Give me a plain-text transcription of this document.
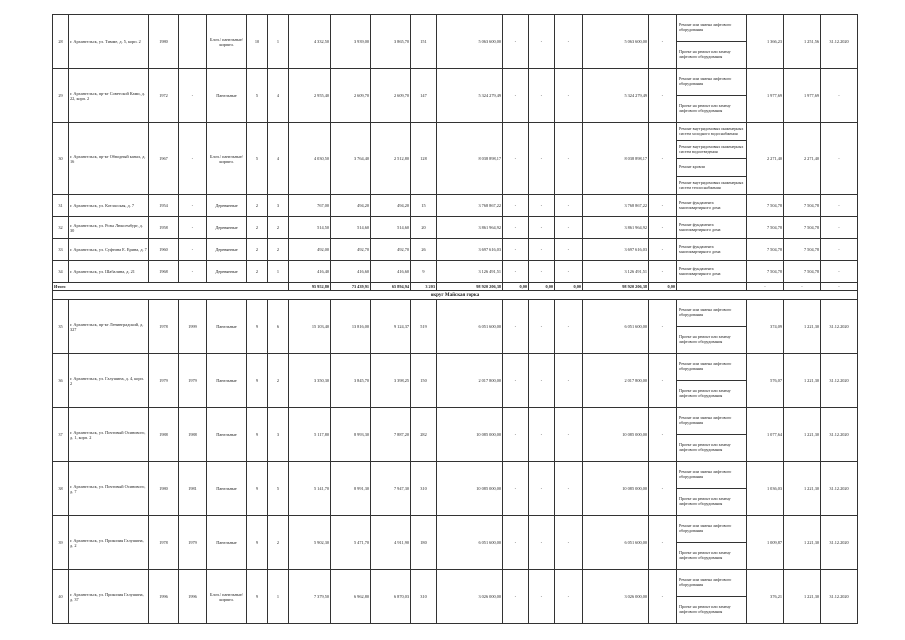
28	г. Архангельск, ул. Тимме, д. 5, корп. 2	1980		Блоч./ панельные/кирпич.	10	1	4 332,50	3 939,00	3 865,70	151	5 063 600,00	-	-	-	5 063 600,00	-	Ремонт или замена лифтового оборудования	1 366,23	1 251,56	31.12.2020
																	Проект на ремонт или замену лифтового оборудования			
29	г. Архангельск, пр-кт Советской Ками, д. 22, корп. 2	1972	-	Панельные	5	4	2 955,40	2 609,70	2 609,70	147	5 324 279,49	-	-	-	5 324 279,49	-	Ремонт или замена лифтового оборудования	1 977,69	1 977,69	-
																	Проект на ремонт или замену лифтового оборудования			
30	г. Архангельск, пр-кт Обводный канал, д. 16	1967	-	Блоч./ панельные/кирпич.	5	4	4 030,50	3 764,40	2 512,80	128	8 038 898,17	-	-	-	8 038 898,17	-	Ремонт внутридомовых инженерных систем холодного водоснабжения	2 271,40	2 271,40	-
																	Ремонт внутридомовых инженерных систем водоотведения			
																	Ремонт кровли			
																	Ремонт внутридомовых инженерных систем теплоснабжения			
31	г. Архангельск, ул. Котласская, д. 7	1954	-	Деревянные	2	3	767,00	494,20	494,20	15	3 768 867,22	-	-	-	3 768 867,22	-	Ремонт фундамента многоквартирного дома	7 504,78	7 504,78	-
32	г. Архангельск, ул. Розы Люксембург, д. 30	1958	-	Деревянные	2	2	514,50	514,60	514,60	20	3 861 964,92	-	-	-	3 861 964,92	-	Ремонт фундамента многоквартирного дома	7 504,78	7 504,78	-
33	г. Архангельск, ул. Суфтина Е. Ерина, д. 7	1960	-	Деревянные	2	2	492,00	492,70	492,70	26	3 697 616,03	-	-	-	3 697 616,03	-	Ремонт фундамента многоквартирного дома	7 504,78	7 504,78	-
34	г. Архангельск, ул. Шабалина, д. 21	1968	-	Деревянные	2	1	416,40	416,60	416,60	9	3 126 491,51	-	-	-	3 126 491,51	-	Ремонт фундамента многоквартирного дома	7 504,78	7 504,78	-
Итого							95 952,80	73 439,91	65 894,94	3 203	98 920 206,38	0,00	0,00	0,00	98 920 206,38	0,00		-	-	-
округ Майская горка																				
35	г. Архангельск, пр-кт Ленинградский, д. 327	1978	1999	Панельные	9	6	15 103,40	13 816,00	9 124,37	519	6 051 600,00	-	-	-	6 051 600,00	-	Ремонт или замена лифтового оборудования	374,09	1 221,30	31.12.2020
																	Проект на ремонт или замену лифтового оборудования			
36	г. Архангельск, ул. Галушина, д. 4, корп. 2	1979	1979	Панельные	9	2	3 350,30	3 845,70	3 398,25	150	2 017 800,00	-	-	-	2 017 800,00	-	Ремонт или замена лифтового оборудования	576,07	1 221,30	31.12.2020
																	Проект на ремонт или замену лифтового оборудования			
37	г. Архангельск, ул. Почтовый Осинового, д. 1, корп. 2	1988	1988	Панельные	9	3	5 117,80	8 993,30	7 887,20	282	10 085 000,00	-	-	-	10 085 000,00	-	Ремонт или замена лифтового оборудования	1 077,64	1 221,30	31.12.2020
																	Проект на ремонт или замену лифтового оборудования			
38	г. Архангельск, ул. Почтовый Осинового, д. 7	1980	1981	Панельные	9	5	5 141,70	8 991,30	7 947,30	310	10 085 000,00	-	-	-	10 085 000,00	-	Ремонт или замена лифтового оборудования	1 036,03	1 221,30	31.12.2020
																	Проект на ремонт или замену лифтового оборудования			
39	г. Архангельск, ул. Прокопия Галушина, д. 2	1978	1979	Панельные	9	2	5 902,30	5 471,70	4 911,90	180	6 051 600,00	-	-	-	6 051 600,00	-	Ремонт или замена лифтового оборудования	1 009,87	1 221,30	31.12.2020
																	Проект на ремонт или замену лифтового оборудования			
40	г. Архангельск, ул. Прокопия Галушина, д. 37	1996	1996	Блоч./ панельные/кирпич.	9	1	7 379,50	6 962,80	6 870,03	310	3 026 000,00	-	-	-	3 026 000,00	-	Ремонт или замена лифтового оборудования	376,21	1 221,30	31.12.2020
																	Проект на ремонт или замену лифтового оборудования			
